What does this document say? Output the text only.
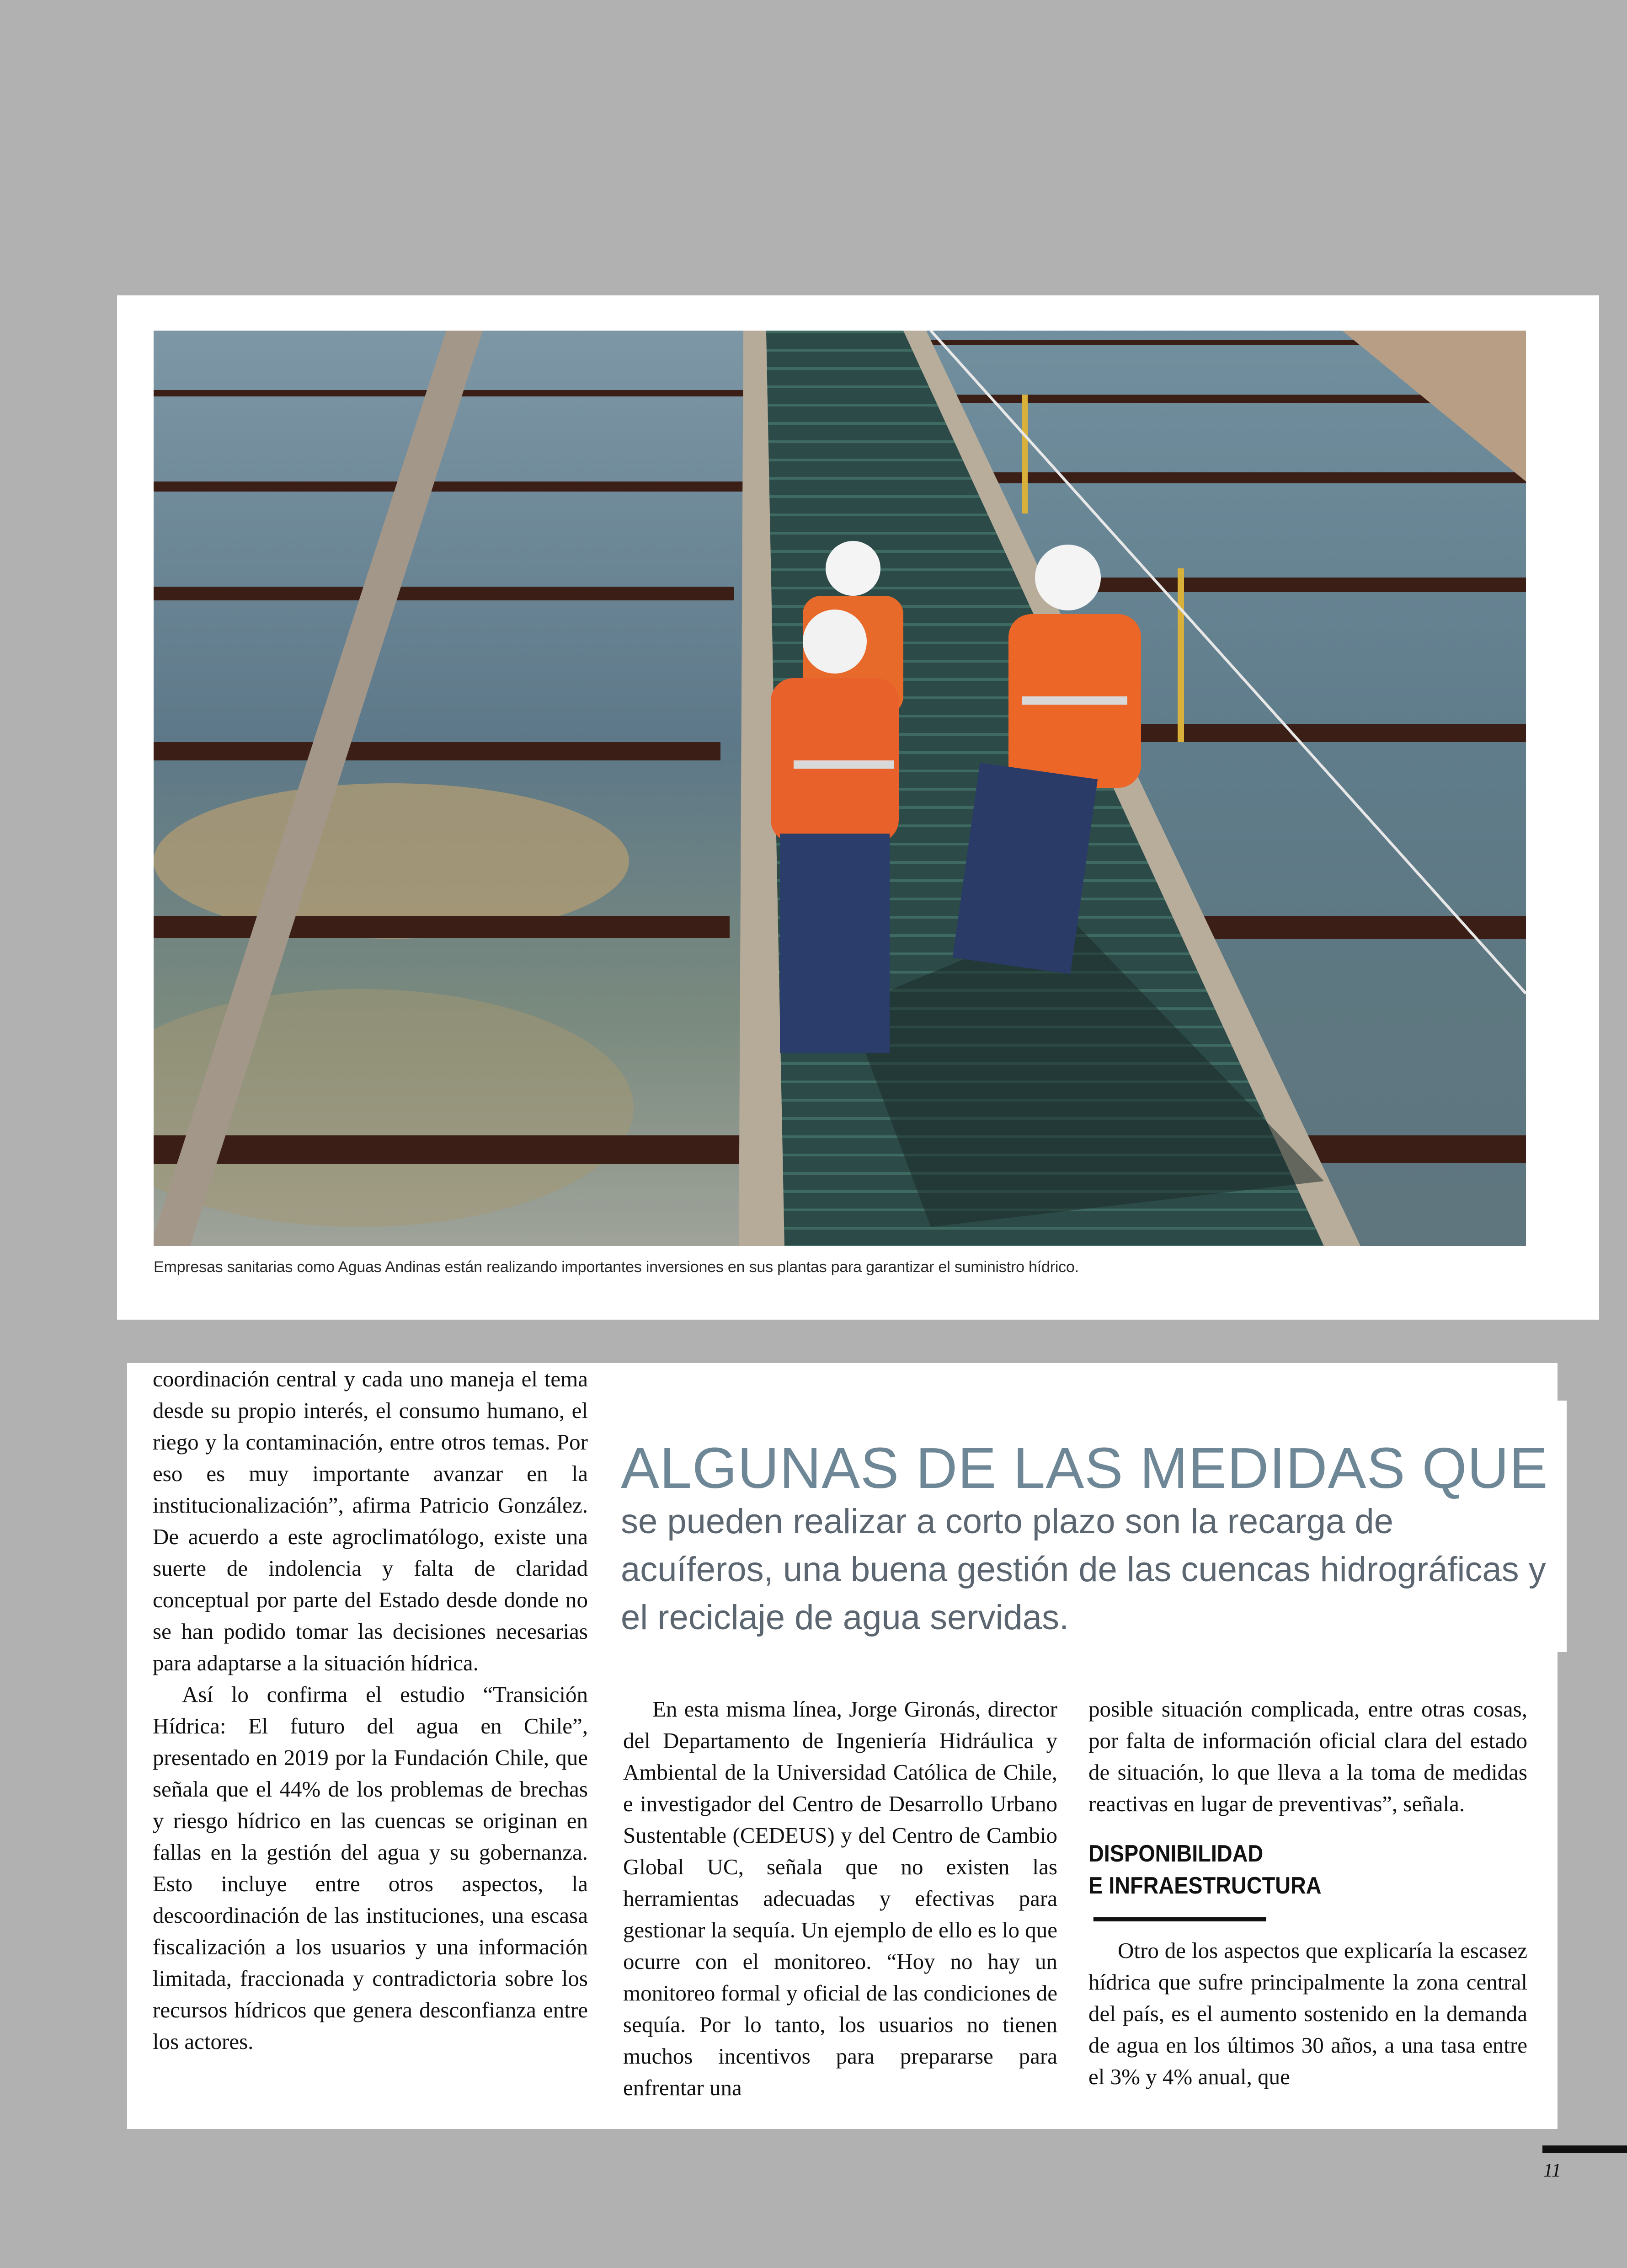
Empresas sanitarias como Aguas Andinas están realizando importantes inversiones en sus plantas para garantizar el suministro hídrico.

coordinación central y cada uno maneja el tema desde su propio interés, el consumo humano, el riego y la contaminación, entre otros temas. Por eso es muy importante avanzar en la institucionalización”, afirma Patricio González. De acuerdo a este agroclimatólogo, existe una suerte de indolencia y falta de claridad conceptual por parte del Estado desde donde no se han podido tomar las decisiones necesarias para adaptarse a la situación hídrica.

Así lo confirma el estudio “Transición Hídrica: El futuro del agua en Chile”, presentado en 2019 por la Fundación Chile, que señala que el 44% de los problemas de brechas y riesgo hídrico en las cuencas se originan en fallas en la gestión del agua y su gobernanza. Esto incluye entre otros aspectos, la descoordinación de las instituciones, una escasa fiscalización a los usuarios y una información limitada, fraccionada y contradictoria sobre los recursos hídricos que genera desconfianza entre los actores.

ALGUNAS DE LAS MEDIDAS QUE
se pueden realizar a corto plazo son la recarga de acuíferos, una buena gestión de las cuencas hidrográficas y el reciclaje de agua servidas.

En esta misma línea, Jorge Gironás, director del Departamento de Ingeniería Hidráulica y Ambiental de la Universidad Católica de Chile, e investigador del Centro de Desarrollo Urbano Sustentable (CEDEUS) y del Centro de Cambio Global UC, señala que no existen las herramientas adecuadas y efectivas para gestionar la sequía. Un ejemplo de ello es lo que ocurre con el monitoreo. “Hoy no hay un monitoreo formal y oficial de las condiciones de sequía. Por lo tanto, los usuarios no tienen muchos incentivos para prepararse para enfrentar una

posible situación complicada, entre otras cosas, por falta de información oficial clara del estado de situación, lo que lleva a la toma de medidas reactivas en lugar de preventivas”, señala.

DISPONIBILIDAD
E INFRAESTRUCTURA

Otro de los aspectos que explicaría la escasez hídrica que sufre principalmente la zona central del país, es el aumento sostenido en la demanda de agua en los últimos 30 años, a una tasa entre el 3% y 4% anual, que

11
